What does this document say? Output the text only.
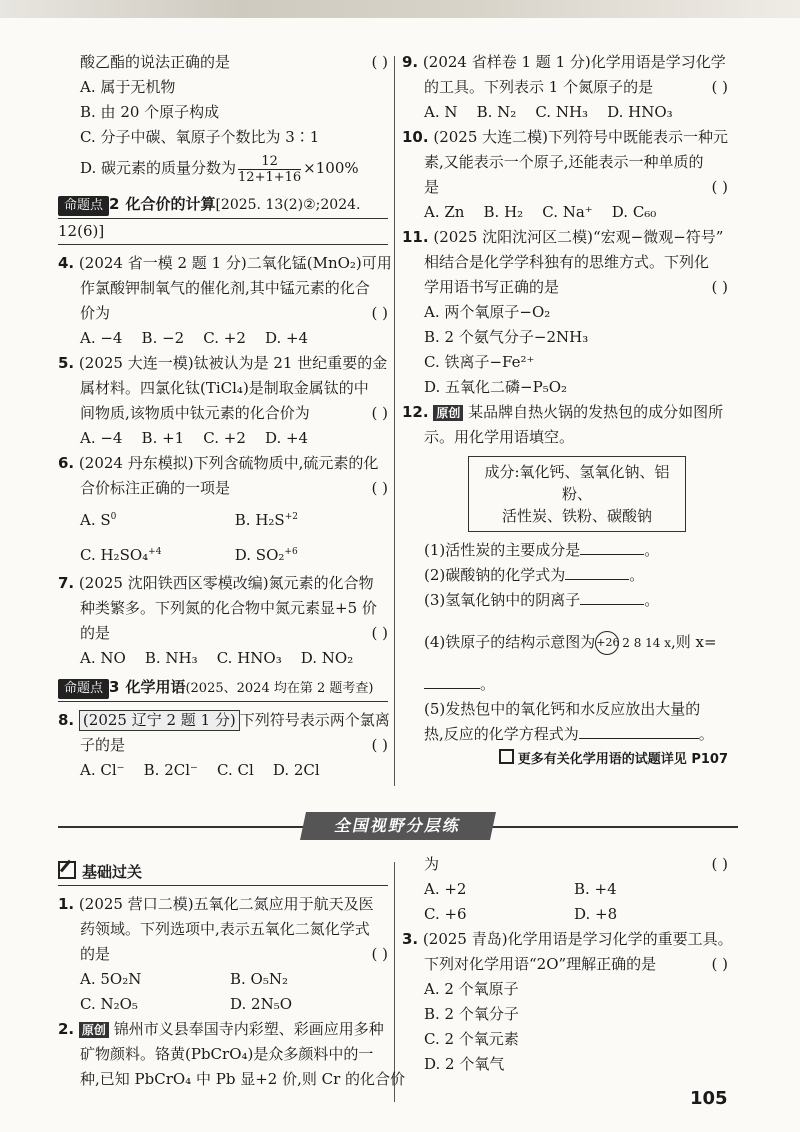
酸乙酯的说法正确的是	( )
A. 属于无机物
B. 由 20 个原子构成
C. 分子中碳、氧原子个数比为 3∶1
D. 碳元素的质量分数为 $\frac{12}{12+1+16} \times 100\%$
命题点 2 化合价的计算[2025. 13(2)②;2024.
12(6)]
4. (2024 省一模 2 题 1 分)二氧化锰(MnO₂)可用
作氯酸钾制氧气的催化剂,其中锰元素的化合
价为	( )
A. −4    B. −2    C. +2    D. +4
5. (2025 大连一模)钛被认为是 21 世纪重要的金
属材料。四氯化钛(TiCl₄)是制取金属钛的中
间物质,该物质中钛元素的化合价为	( )
A. −4    B. +1    C. +2    D. +4
6. (2024 丹东模拟)下列含硫物质中,硫元素的化
合价标注正确的一项是	( )
A. $S^0$	B. $H_2S^{+2}$
C. H₂SO₄$^{+4}$	D. SO₂$^{+6}$
7. (2025 沈阳铁西区零模改编)氮元素的化合物
种类繁多。下列氮的化合物中氮元素显+5 价
的是	( )
A. NO    B. NH₃    C. HNO₃    D. NO₂
命题点 3 化学用语(2025、2024 均在第 2 题考查)
8. (2025 辽宁 2 题 1 分) 下列符号表示两个氯离
子的是	( )
A. Cl⁻    B. 2Cl⁻    C. Cl    D. 2Cl
9. (2024 省样卷 1 题 1 分)化学用语是学习化学
的工具。下列表示 1 个氮原子的是	( )
A. N    B. N₂    C. NH₃    D. HNO₃
10. (2025 大连二模)下列符号中既能表示一种元
素,又能表示一个原子,还能表示一种单质的
是	( )
A. Zn    B. H₂    C. Na⁺    D. C₆₀
11. (2025 沈阳沈河区二模)“宏观−微观−符号”
相结合是化学学科独有的思维方式。下列化
学用语书写正确的是	( )
A. 两个氧原子−O₂
B. 2 个氨气分子−2NH₃
C. 铁离子−Fe²⁺
D. 五氧化二磷−P₅O₂
12. 原创 某品牌自热火锅的发热包的成分如图所
示。用化学用语填空。
成分:氧化钙、氢氧化钠、铝粉、
活性炭、铁粉、碳酸钠
(1)活性炭的主要成分是	。
(2)碳酸钠的化学式为	。
(3)氢氧化钠中的阴离子	。
(4)铁原子的结构示意图为+26 2 8 14 x,则 x=
。
(5)发热包中的氧化钙和水反应放出大量的
热,反应的化学方程式为	。
更多有关化学用语的试题详见 P107
全国视野分层练
基础过关
1. (2025 营口二模)五氧化二氮应用于航天及医
药领域。下列选项中,表示五氧化二氮化学式
的是	( )
A. 5O₂N	B. O₅N₂
C. N₂O₅	D. 2N₅O
2. 原创 锦州市义县奉国寺内彩塑、彩画应用多种
矿物颜料。铬黄(PbCrO₄)是众多颜料中的一
种,已知 PbCrO₄ 中 Pb 显+2 价,则 Cr 的化合价
为	( )
A. +2	B. +4
C. +6	D. +8
3. (2025 青岛)化学用语是学习化学的重要工具。
下列对化学用语“2O”理解正确的是	( )
A. 2 个氧原子
B. 2 个氧分子
C. 2 个氧元素
D. 2 个氧气
105
